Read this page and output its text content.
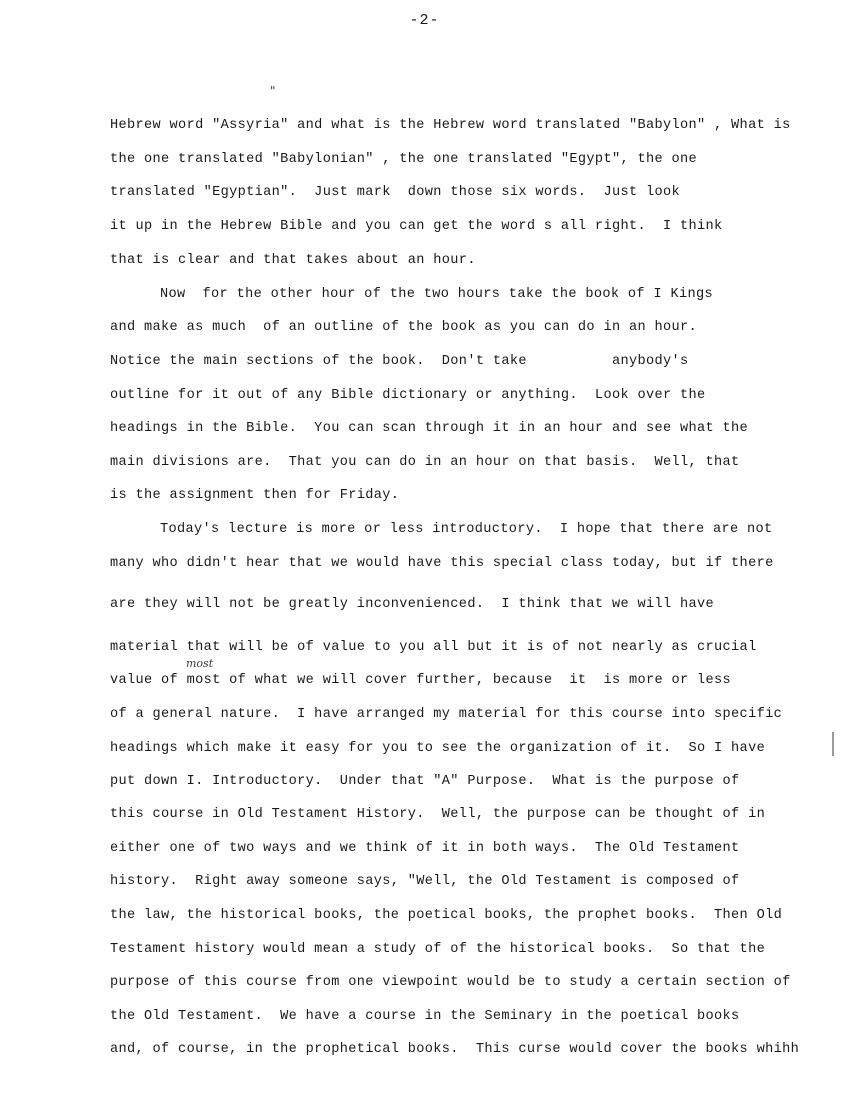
-2-
"
Hebrew word "Assyria" and what is the Hebrew word translated "Babylon" , What is
the one translated "Babylonian" , the one translated "Egypt", the one
translated "Egyptian".  Just mark  down those six words.  Just look
it up in the Hebrew Bible and you can get the word s all right.  I think
that is clear and that takes about an hour.
Now  for the other hour of the two hours take the book of I Kings
and make as much  of an outline of the book as you can do in an hour.
Notice the main sections of the book.  Don't take          anybody's
outline for it out of any Bible dictionary or anything.  Look over the
headings in the Bible.  You can scan through it in an hour and see what the
main divisions are.  That you can do in an hour on that basis.  Well, that
is the assignment then for Friday.
Today's lecture is more or less introductory.  I hope that there are not
many who didn't hear that we would have this special class today, but if there
are they will not be greatly inconvenienced.  I think that we will have
material that will be of value to you all but it is of not nearly as crucial
most
value of most of what we will cover further, because  it  is more or less
of a general nature.  I have arranged my material for this course into specific
headings which make it easy for you to see the organization of it.  So I have
put down I. Introductory.  Under that "A" Purpose.  What is the purpose of
this course in Old Testament History.  Well, the purpose can be thought of in
either one of two ways and we think of it in both ways.  The Old Testament
history.  Right away someone says, "Well, the Old Testament is composed of
the law, the historical books, the poetical books, the prophet books.  Then Old
Testament history would mean a study of of the historical books.  So that the
purpose of this course from one viewpoint would be to study a certain section of
the Old Testament.  We have a course in the Seminary in the poetical books
and, of course, in the prophetical books.  This curse would cover the books whihh
